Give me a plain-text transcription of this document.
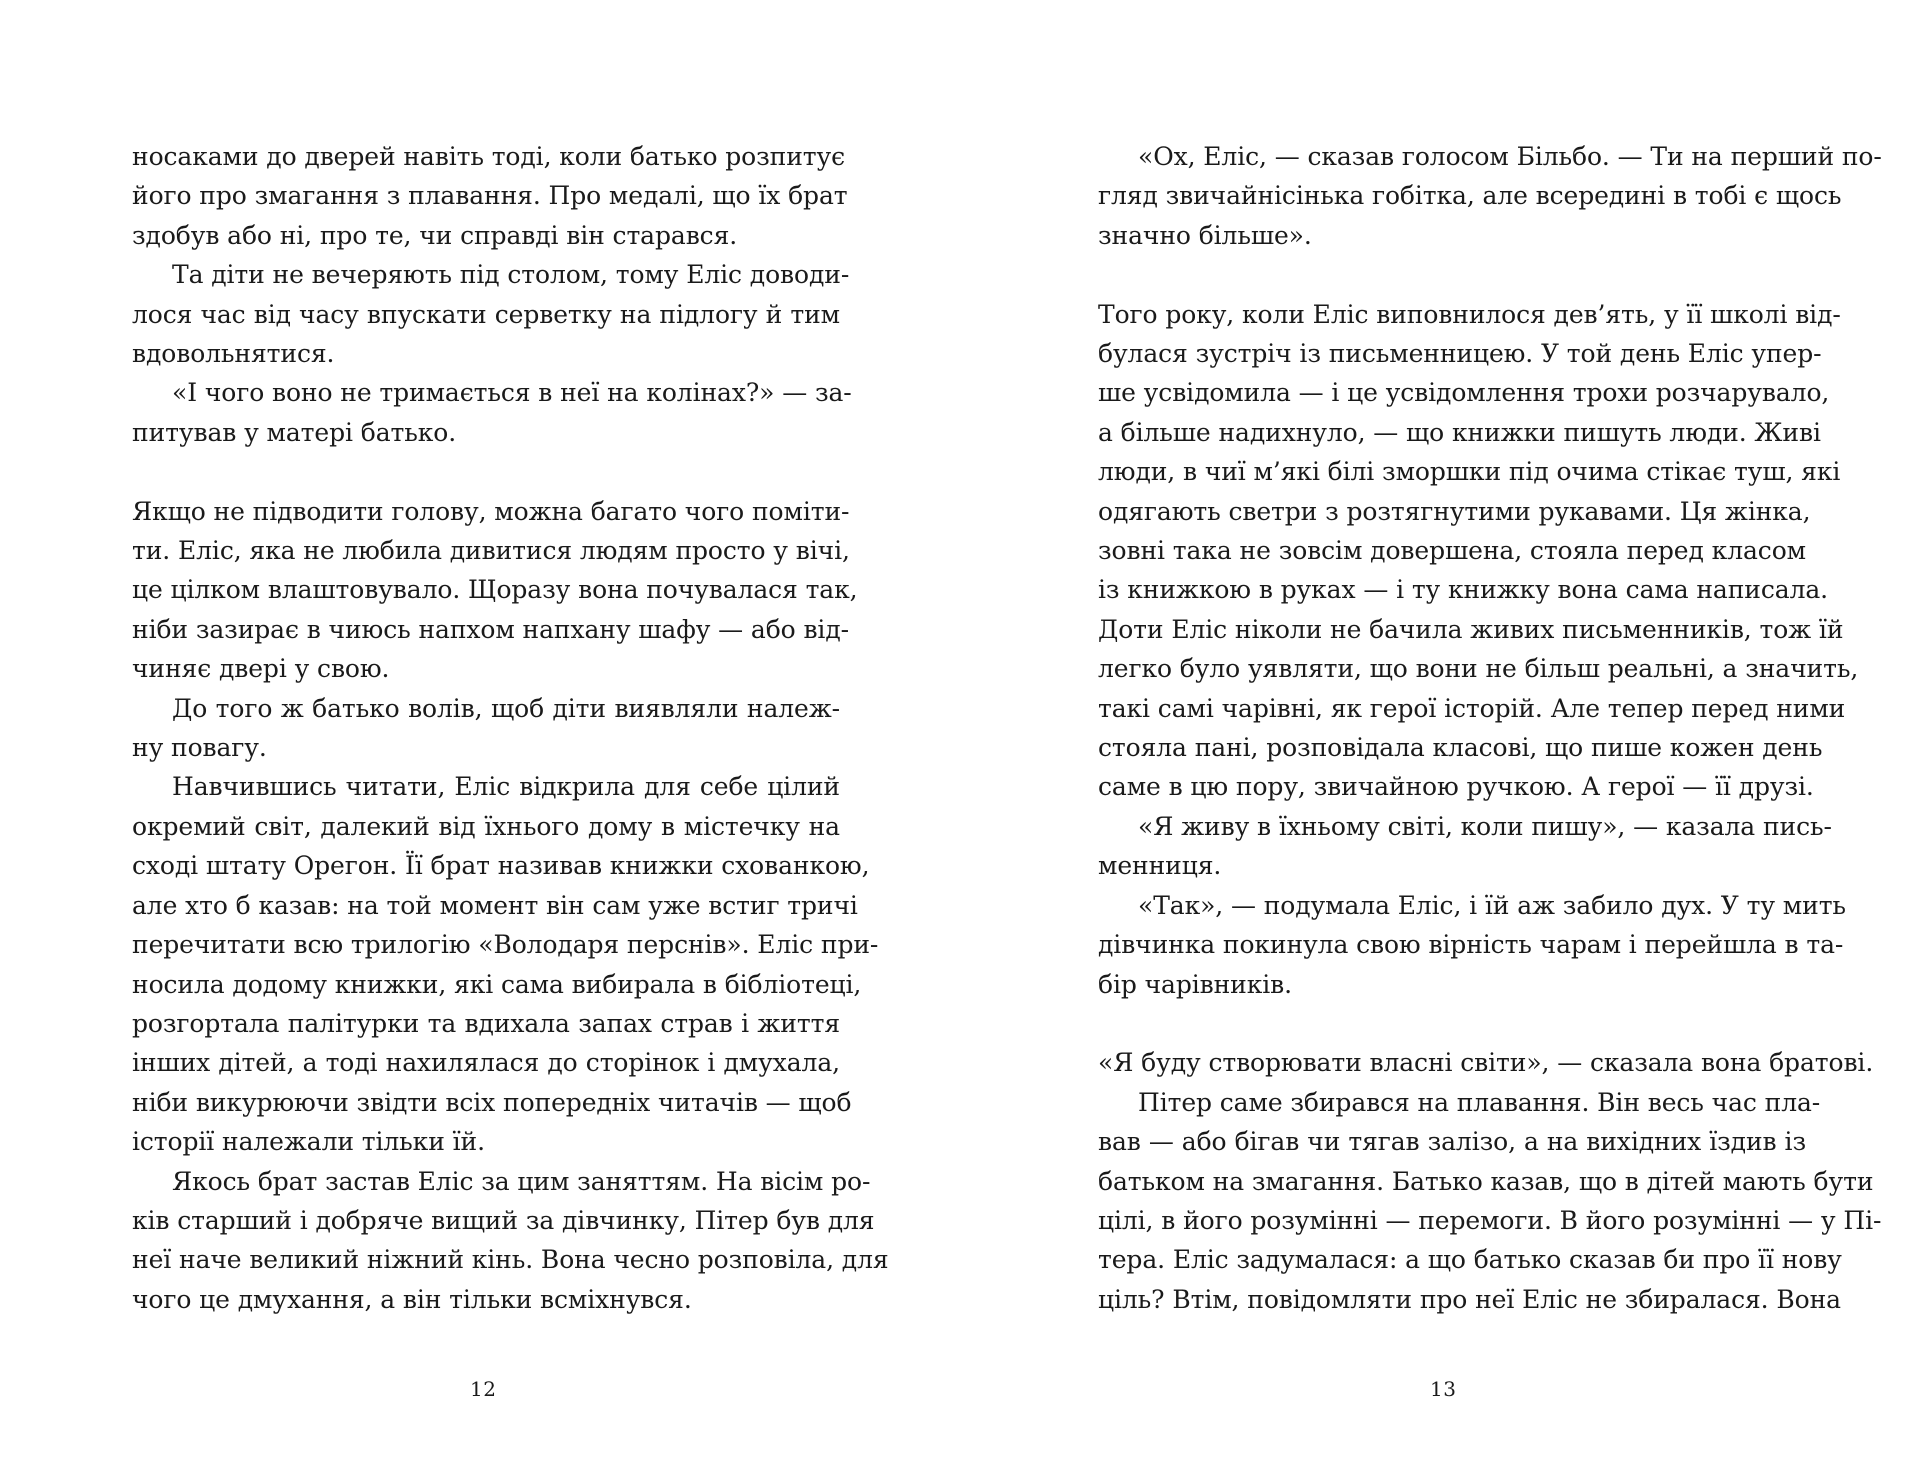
носаками до дверей навіть тоді, коли батько розпитує
його про змагання з плавання. Про медалі, що їх брат
здобув або ні, про те, чи справді він старався.
Та діти не вечеряють під столом, тому Еліс доводи-
лося час від часу впускати серветку на підлогу й тим
вдовольнятися.
«І чого воно не тримається в неї на колінах?» — за-
питував у матері батько.
Якщо не підводити голову, можна багато чого поміти-
ти. Еліс, яка не любила дивитися людям просто у вічі,
це цілком влаштовувало. Щоразу вона почувалася так,
ніби зазирає в чиюсь напхом напхану шафу — або від-
чиняє двері у свою.
До того ж батько волів, щоб діти виявляли належ-
ну повагу.
Навчившись читати, Еліс відкрила для себе цілий
окремий світ, далекий від їхнього дому в містечку на
сході штату Орегон. Її брат називав книжки схованкою,
але хто б казав: на той момент він сам уже встиг тричі
перечитати всю трилогію «Володаря перснів». Еліс при-
носила додому книжки, які сама вибирала в бібліотеці,
розгортала палітурки та вдихала запах страв і життя
інших дітей, а тоді нахилялася до сторінок і дмухала,
ніби викурюючи звідти всіх попередніх читачів — щоб
історії належали тільки їй.
Якось брат застав Еліс за цим заняттям. На вісім ро-
ків старший і добряче вищий за дівчинку, Пітер був для
неї наче великий ніжний кінь. Вона чесно розповіла, для
чого це дмухання, а він тільки всміхнувся.
12
«Ох, Еліс, — сказав голосом Більбо. — Ти на перший по-
гляд звичайнісінька гобітка, але всередині в тобі є щось
значно більше».
Того року, коли Еліс виповнилося дев’ять, у її школі від-
булася зустріч із письменницею. У той день Еліс упер-
ше усвідомила — і це усвідомлення трохи розчарувало,
а більше надихнуло, — що книжки пишуть люди. Живі
люди, в чиї м’які білі зморшки під очима стікає туш, які
одягають светри з розтягнутими рукавами. Ця жінка,
зовні така не зовсім довершена, стояла перед класом
із книжкою в руках — і ту книжку вона сама написала.
Доти Еліс ніколи не бачила живих письменників, тож їй
легко було уявляти, що вони не більш реальні, а значить,
такі самі чарівні, як герої історій. Але тепер перед ними
стояла пані, розповідала класові, що пише кожен день
саме в цю пору, звичайною ручкою. А герої — її друзі.
«Я живу в їхньому світі, коли пишу», — казала пись-
менниця.
«Так», — подумала Еліс, і їй аж забило дух. У ту мить
дівчинка покинула свою вірність чарам і перейшла в та-
бір чарівників.
«Я буду створювати власні світи», — сказала вона братові.
Пітер саме збирався на плавання. Він весь час пла-
вав — або бігав чи тягав залізо, а на вихідних їздив із
батьком на змагання. Батько казав, що в дітей мають бути
цілі, в його розумінні — перемоги. В його розумінні — у Пі-
тера. Еліс задумалася: а що батько сказав би про її нову
ціль? Втім, повідомляти про неї Еліс не збиралася. Вона
13
